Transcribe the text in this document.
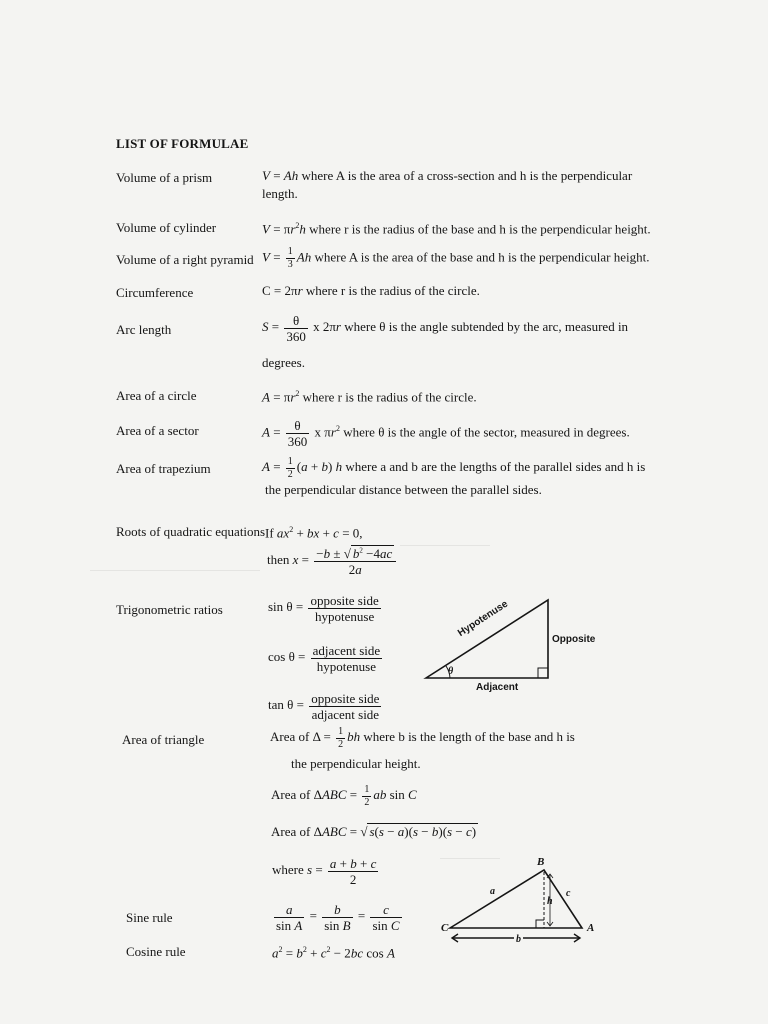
LIST OF FORMULAE
Volume of a prism	V = Ah where A is the area of a cross-section and h is the perpendicular
length.
Volume of cylinder	$V = \pi r^2h$ where r is the radius of the base and h is the perpendicular height.
Volume of a right pyramid $V = \frac{1}{3}$ Ah where A is the area of the base and h is the perpendicular height.
Circumference	C = 2πr where r is the radius of the circle.
Arc length	$S = \frac{\theta}{360}$ x 2πr where θ is the angle subtended by the arc, measured in
degrees.
Area of a circle	$A = \pi r^2$ where r is the radius of the circle.
Area of a sector	$A = \frac{\theta}{360}$ x $\pi r^2$ where θ is the angle of the sector, measured in degrees.
Area of trapezium	$A = \frac{1}{2} (a + b)$ h where a and b are the lengths of the parallel sides and h is
the perpendicular distance between the parallel sides.
Roots of quadratic equations If $ax^2$ + bx + c = 0,
then $x = \frac{-b \pm √ b^2 -4ac}{2a}$
Trigonometric ratios	$\sin \theta = \frac{\text{opposite side}}{\text{hypotenuse}}$
$\cos \theta = \frac{\text{adjacent side}}{\text{hypotenuse}}$
$\tan \theta = \frac{\text{opposite side}}{\text{adjacent side}}$
Hypotenuse
Opposite
Adjacent
θ
Area of triangle	Area of $\Delta = \frac{1}{2}$ bh where b is the length of the base and h is
the perpendicular height.
Area of $\Delta ABC = \frac{1}{2}$ ab sin C
Area of ΔABC = √ s(s − a)(s − b)(s − c)
where $s = \frac{a + b + c}{2}$
Sine rule	$\frac{a}{\text{sin A}} = \frac{b}{\text{sin B}} = \frac{c}{\text{sin C}}$
Cosine rule	$a^2 = b^2 + c^2 - 2bc$ cos A
B
C	A
a	c
h
b
